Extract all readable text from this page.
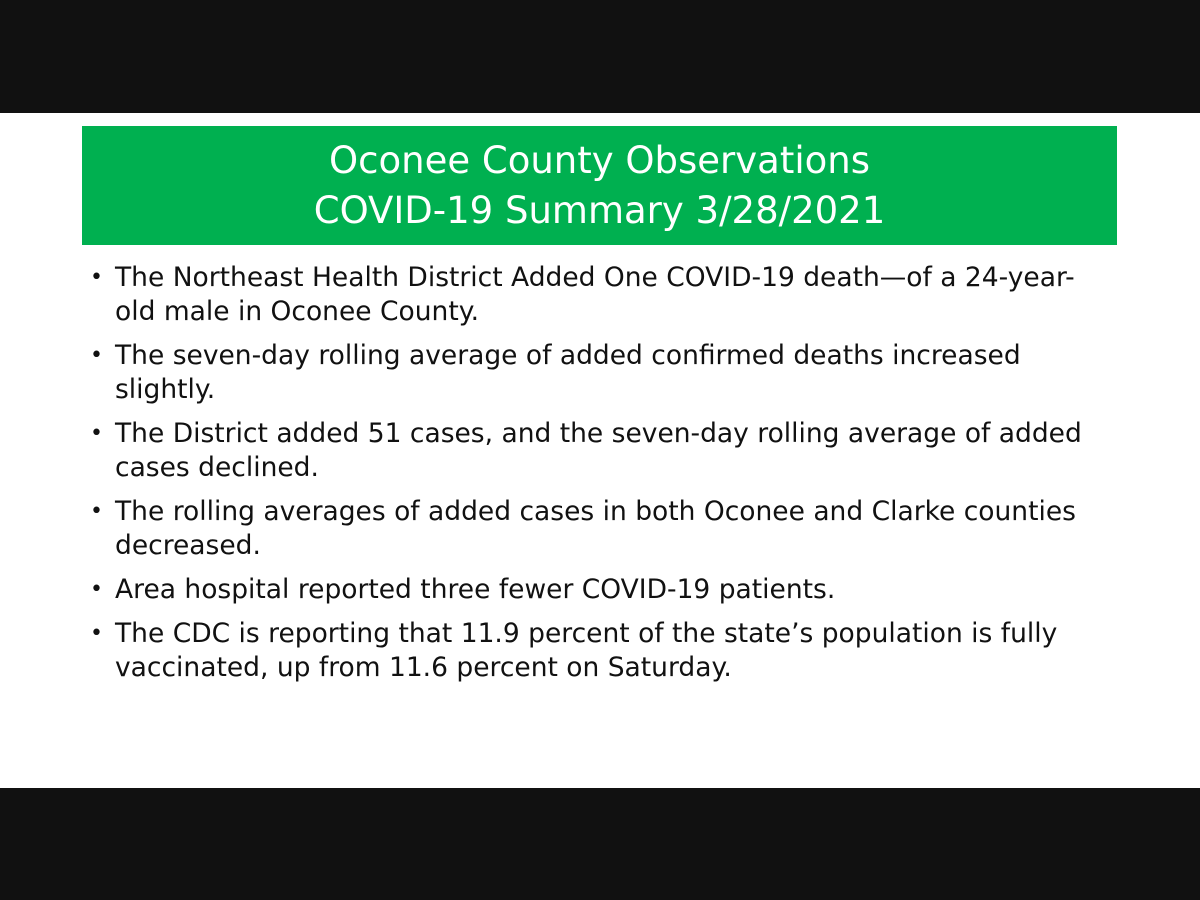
Oconee County Observations
COVID-19 Summary 3/28/2021
• The Northeast Health District Added One COVID-19 death—of a 24-year-old male in Oconee County.
• The seven-day rolling average of added confirmed deaths increased slightly.
• The District added 51 cases, and the seven-day rolling average of added cases declined.
• The rolling averages of added cases in both Oconee and Clarke counties decreased.
• Area hospital reported three fewer COVID-19 patients.
• The CDC is reporting that 11.9 percent of the state’s population is fully vaccinated, up from 11.6 percent on Saturday.
